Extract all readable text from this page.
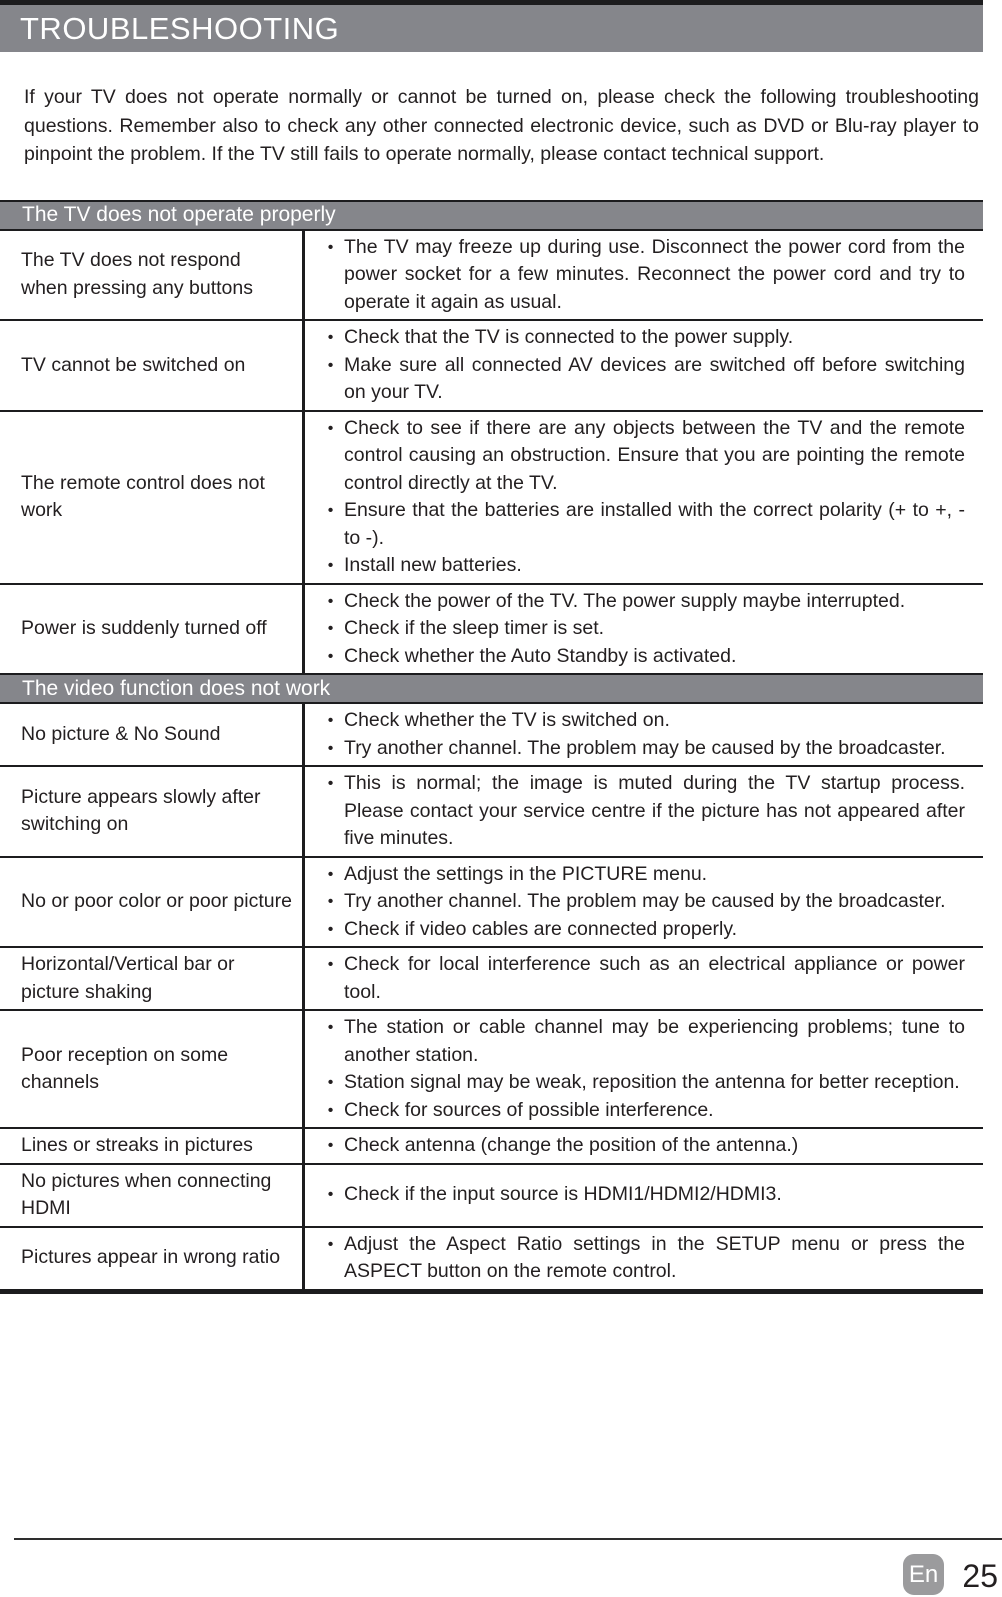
TROUBLESHOOTING

If your TV does not operate normally or cannot be turned on, please check the following troubleshooting questions. Remember also to check any other connected electronic device, such as DVD or Blu-ray player to pinpoint the problem. If the TV still fails to operate normally, please contact technical support.

The TV does not operate properly
The TV does not respond when pressing any buttons
• The TV may freeze up during use. Disconnect the power cord from the power socket for a few minutes. Reconnect the power cord and try to operate it again as usual.
TV cannot be switched on
• Check that the TV is connected to the power supply.
• Make sure all connected AV devices are switched off before switching on your TV.
The remote control does not work
• Check to see if there are any objects between the TV and the remote control causing an obstruction. Ensure that you are pointing the remote control directly at the TV.
• Ensure that the batteries are installed with the correct polarity (+ to +, - to -).
• Install new batteries.
Power is suddenly turned off
• Check the power of the TV. The power supply maybe interrupted.
• Check if the sleep timer is set.
• Check whether the Auto Standby is activated.
The video function does not work
No picture & No Sound
• Check whether the TV is switched on.
• Try another channel. The problem may be caused by the broadcaster.
Picture appears slowly after switching on
• This is normal; the image is muted during the TV startup process. Please contact your service centre if the picture has not appeared after five minutes.
No or poor color or poor picture
• Adjust the settings in the PICTURE menu.
• Try another channel. The problem may be caused by the broadcaster.
• Check if video cables are connected properly.
Horizontal/Vertical bar or picture shaking
• Check for local interference such as an electrical appliance or power tool.
Poor reception on some channels
• The station or cable channel may be experiencing problems; tune to another station.
• Station signal may be weak, reposition the antenna for better reception.
• Check for sources of possible interference.
Lines or streaks in pictures	• Check antenna (change the position of the antenna.)
No pictures when connecting HDMI
• Check if the input source is HDMI1/HDMI2/HDMI3.
Pictures appear in wrong ratio
• Adjust the Aspect Ratio settings in the SETUP menu or press the ASPECT button on the remote control.
En 25
